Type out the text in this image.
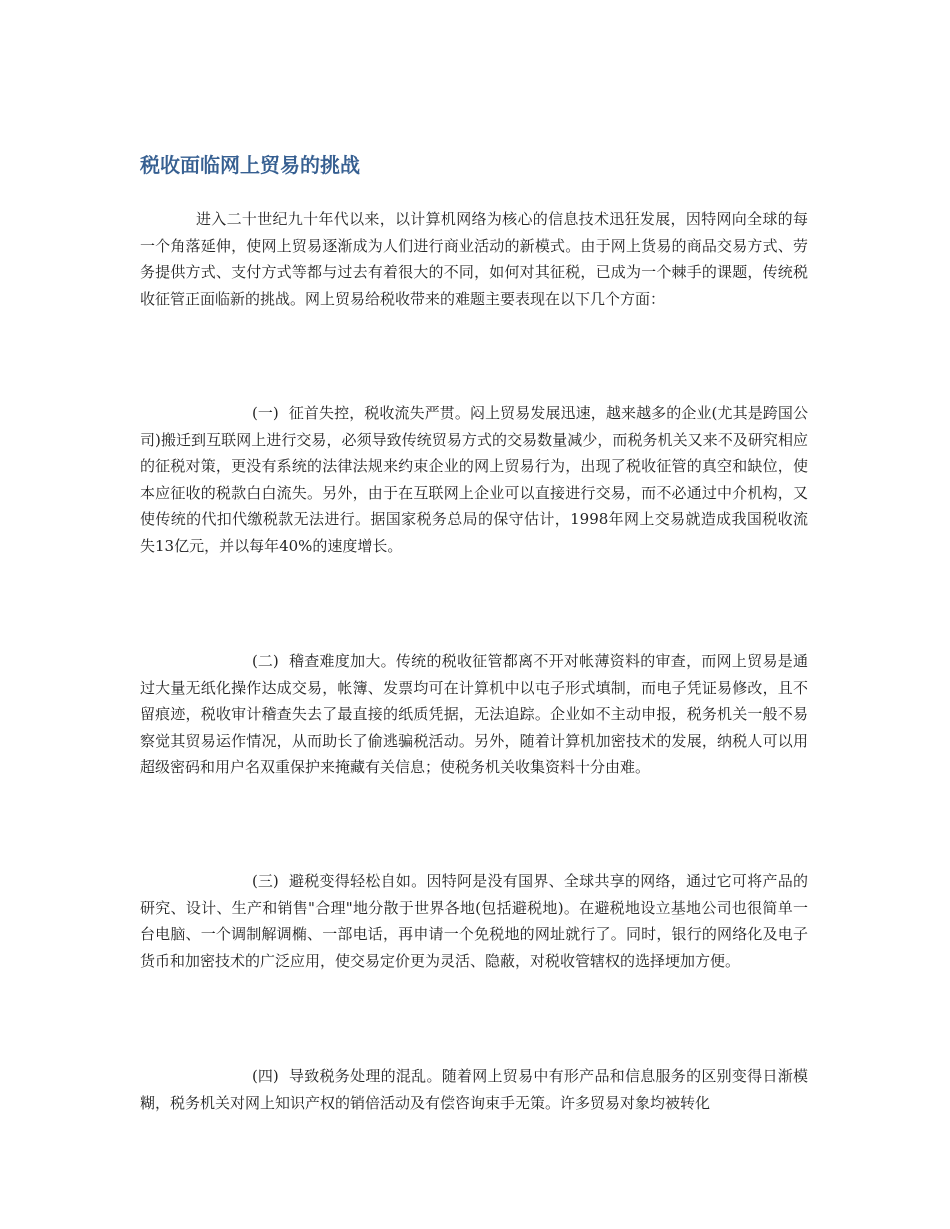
税收面临网上贸易的挑战

进入二十世纪九十年代以来，以计算机网络为核心的信息技术迅狂发展，因特网向全球的每一个角落延伸，使网上贸易逐渐成为人们进行商业活动的新模式。由于网上货易的商品交易方式、劳务提供方式、支付方式等都与过去有着很大的不同，如何对其征税，已成为一个棘手的课题，传统税收征管正面临新的挑战。网上贸易给税收带来的难题主要表现在以下几个方面：

(一) 征首失控，税收流失严贯。闷上贸易发展迅速，越来越多的企业(尤其是跨国公司)搬迁到互联网上进行交易，必须导致传统贸易方式的交易数量减少，而税务机关又来不及研究相应的征税对策，更没有系统的法律法规来约束企业的网上贸易行为，出现了税收征管的真空和缺位，使本应征收的税款白白流失。另外，由于在互联网上企业可以直接进行交易，而不必通过中介机构，又使传统的代扣代缴税款无法进行。据国家税务总局的保守估计，1998年网上交易就造成我国税收流失13亿元，并以每年40%的速度增长。

(二) 稽查难度加大。传统的税收征管都离不开对帐薄资料的审查，而网上贸易是通过大量无纸化操作达成交易，帐簿、发票均可在计算机中以屯子形式填制，而电子凭证易修改，且不留痕迹，税收审计稽查失去了最直接的纸质凭据，无法追踪。企业如不主动申报，税务机关一般不易察觉其贸易运作情况，从而助长了偷逃骗税活动。另外，随着计算机加密技术的发展，纳税人可以用超级密码和用户名双重保护来掩藏有关信息；使税务机关收集资料十分由难。

(三) 避税变得轻松自如。因特阿是没有国界、全球共享的网络，通过它可将产品的研究、设计、生产和销售"合理"地分散于世界各地(包括避税地)。在避税地设立基地公司也很简单一台电脑、一个调制解调椭、一部电话，再申请一个免税地的网址就行了。同时，银行的网络化及电子货币和加密技术的广泛应用，使交易定价更为灵活、隐蔽，对税收管辖权的选择埂加方便。

(四) 导致税务处理的混乱。随着网上贸易中有形产品和信息服务的区别变得日渐模糊，税务机关对网上知识产权的销倍活动及有偿咨询束手无策。许多贸易对象均被转化
